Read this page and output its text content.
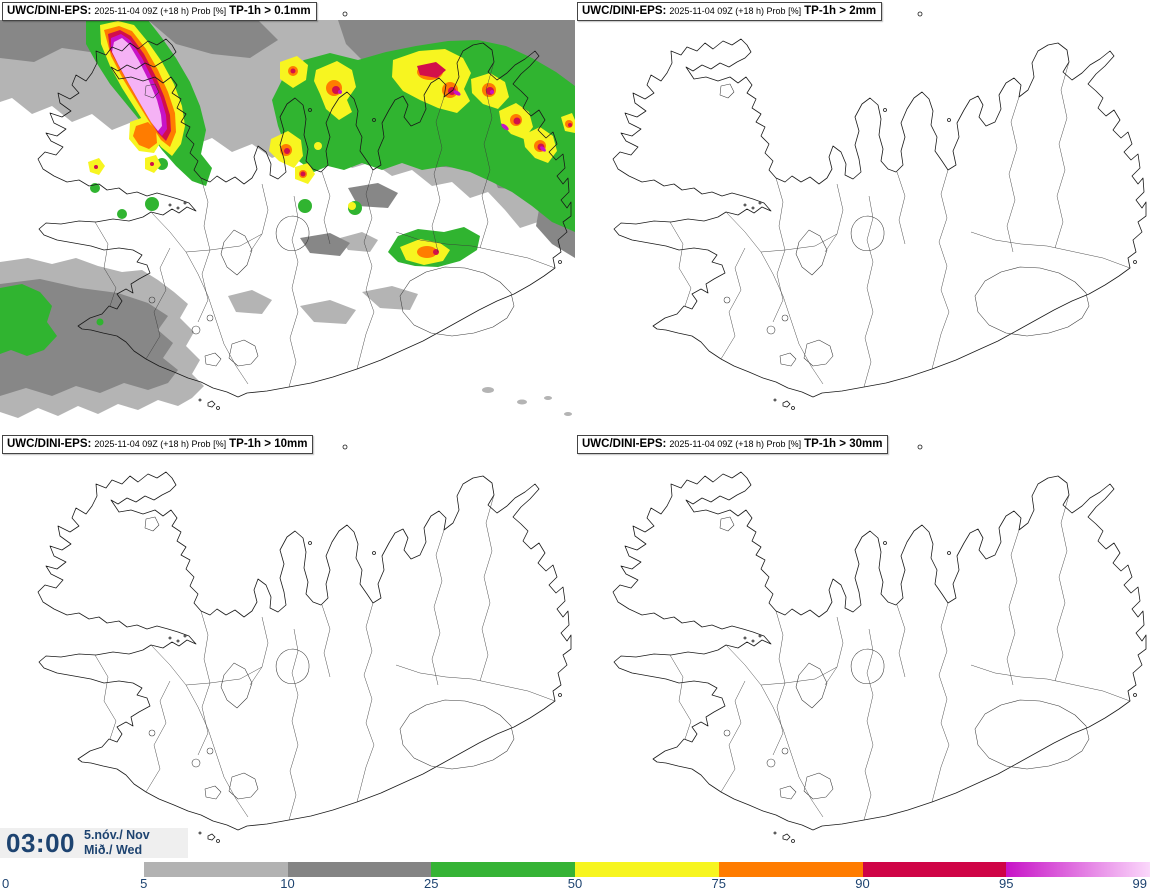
UWC/DINI-EPS: 2025-11-04 09Z (+18 h) Prob [%] TP-1h > 0.1mm	UWC/DINI-EPS: 2025-11-04 09Z (+18 h) Prob [%] TP-1h > 2mm
UWC/DINI-EPS: 2025-11-04 09Z (+18 h) Prob [%] TP-1h > 10mm	UWC/DINI-EPS: 2025-11-04 09Z (+18 h) Prob [%] TP-1h > 30mm
03:00 5.nóv./ Nov
Mið./ Wed
0	5	10	25	50	75	90	95	99
